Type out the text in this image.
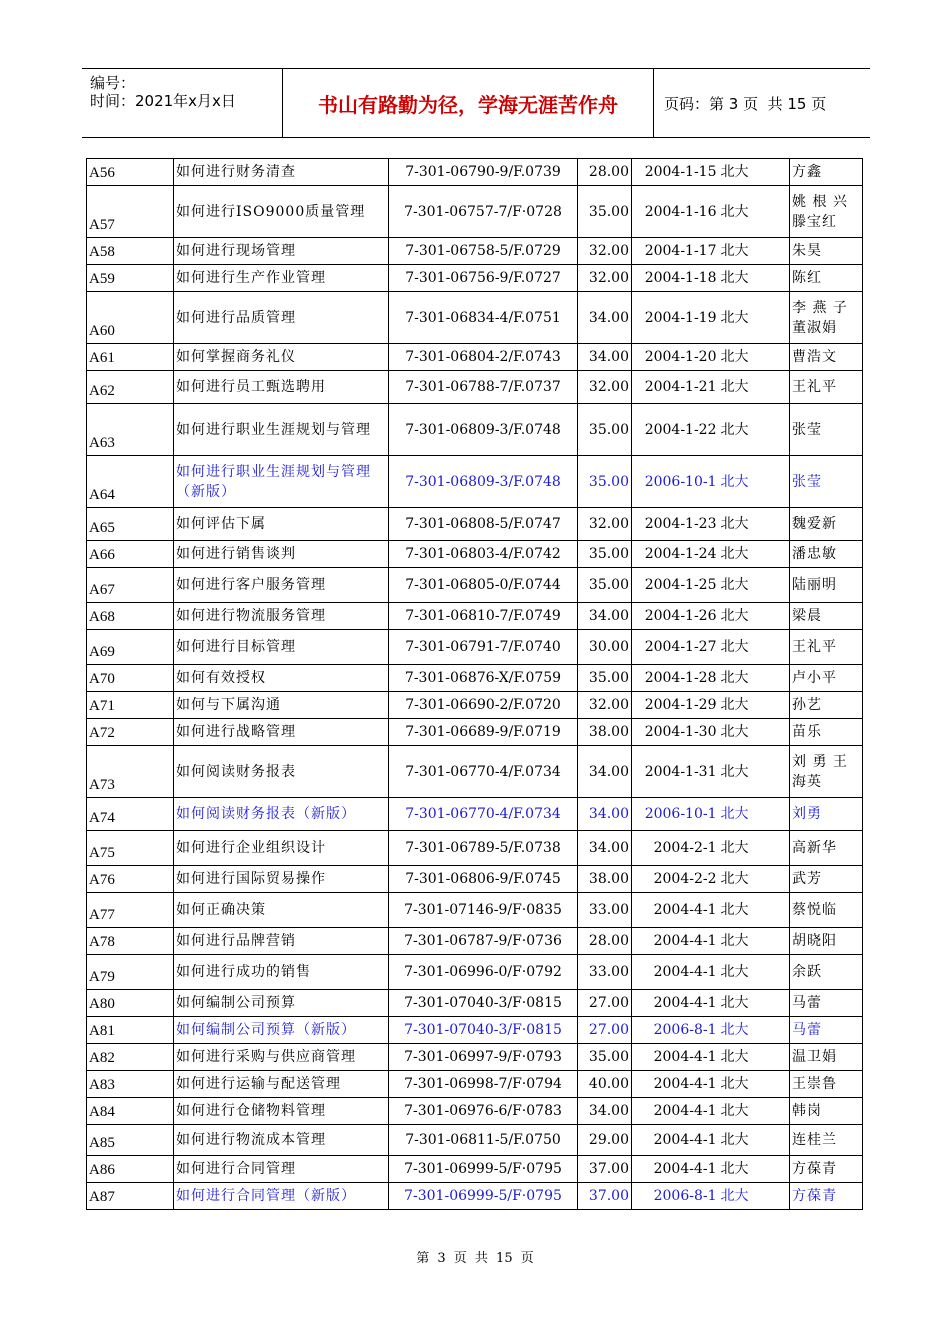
编号：
时间：2021年x月x日	书山有路勤为径，学海无涯苦作舟	页码：第 3 页  共 15 页
A56	如何进行财务清查	7-301-06790-9/F.0739	28.00	2004-1-15	北大	方鑫
A57	如何进行ISO9000质量管理	7-301-06757-7/F·0728	35.00	2004-1-16	北大	姚 根 兴 滕宝红
A58	如何进行现场管理	7-301-06758-5/F.0729	32.00	2004-1-17	北大	朱昊
A59	如何进行生产作业管理	7-301-06756-9/F.0727	32.00	2004-1-18	北大	陈红
A60	如何进行品质管理	7-301-06834-4/F.0751	34.00	2004-1-19	北大	李 燕 子 董淑娟
A61	如何掌握商务礼仪	7-301-06804-2/F.0743	34.00	2004-1-20	北大	曹浩文
A62	如何进行员工甄选聘用	7-301-06788-7/F.0737	32.00	2004-1-21	北大	王礼平
A63	如何进行职业生涯规划与管理	7-301-06809-3/F.0748	35.00	2004-1-22	北大	张莹
A64	如何进行职业生涯规划与管理（新版）	7-301-06809-3/F.0748	35.00	2006-10-1	北大	张莹
A65	如何评估下属	7-301-06808-5/F.0747	32.00	2004-1-23	北大	魏爱新
A66	如何进行销售谈判	7-301-06803-4/F.0742	35.00	2004-1-24	北大	潘忠敏
A67	如何进行客户服务管理	7-301-06805-0/F.0744	35.00	2004-1-25	北大	陆丽明
A68	如何进行物流服务管理	7-301-06810-7/F.0749	34.00	2004-1-26	北大	梁晨
A69	如何进行目标管理	7-301-06791-7/F.0740	30.00	2004-1-27	北大	王礼平
A70	如何有效授权	7-301-06876-X/F.0759	35.00	2004-1-28	北大	卢小平
A71	如何与下属沟通	7-301-06690-2/F.0720	32.00	2004-1-29	北大	孙艺
A72	如何进行战略管理	7-301-06689-9/F.0719	38.00	2004-1-30	北大	苗乐
A73	如何阅读财务报表	7-301-06770-4/F.0734	34.00	2004-1-31	北大	刘 勇 王 海英
A74	如何阅读财务报表（新版）	7-301-06770-4/F.0734	34.00	2006-10-1	北大	刘勇
A75	如何进行企业组织设计	7-301-06789-5/F.0738	34.00	2004-2-1	北大	高新华
A76	如何进行国际贸易操作	7-301-06806-9/F.0745	38.00	2004-2-2	北大	武芳
A77	如何正确决策	7-301-07146-9/F·0835	33.00	2004-4-1	北大	蔡悦临
A78	如何进行品牌营销	7-301-06787-9/F·0736	28.00	2004-4-1	北大	胡晓阳
A79	如何进行成功的销售	7-301-06996-0/F·0792	33.00	2004-4-1	北大	余跃
A80	如何编制公司预算	7-301-07040-3/F·0815	27.00	2004-4-1	北大	马蕾
A81	如何编制公司预算（新版）	7-301-07040-3/F·0815	27.00	2006-8-1	北大	马蕾
A82	如何进行采购与供应商管理	7-301-06997-9/F·0793	35.00	2004-4-1	北大	温卫娟
A83	如何进行运输与配送管理	7-301-06998-7/F·0794	40.00	2004-4-1	北大	王崇鲁
A84	如何进行仓储物料管理	7-301-06976-6/F·0783	34.00	2004-4-1	北大	韩岗
A85	如何进行物流成本管理	7-301-06811-5/F.0750	29.00	2004-4-1	北大	连桂兰
A86	如何进行合同管理	7-301-06999-5/F·0795	37.00	2004-4-1	北大	方葆青
A87	如何进行合同管理（新版）	7-301-06999-5/F·0795	37.00	2006-8-1	北大	方葆青
第 3 页 共 15 页
